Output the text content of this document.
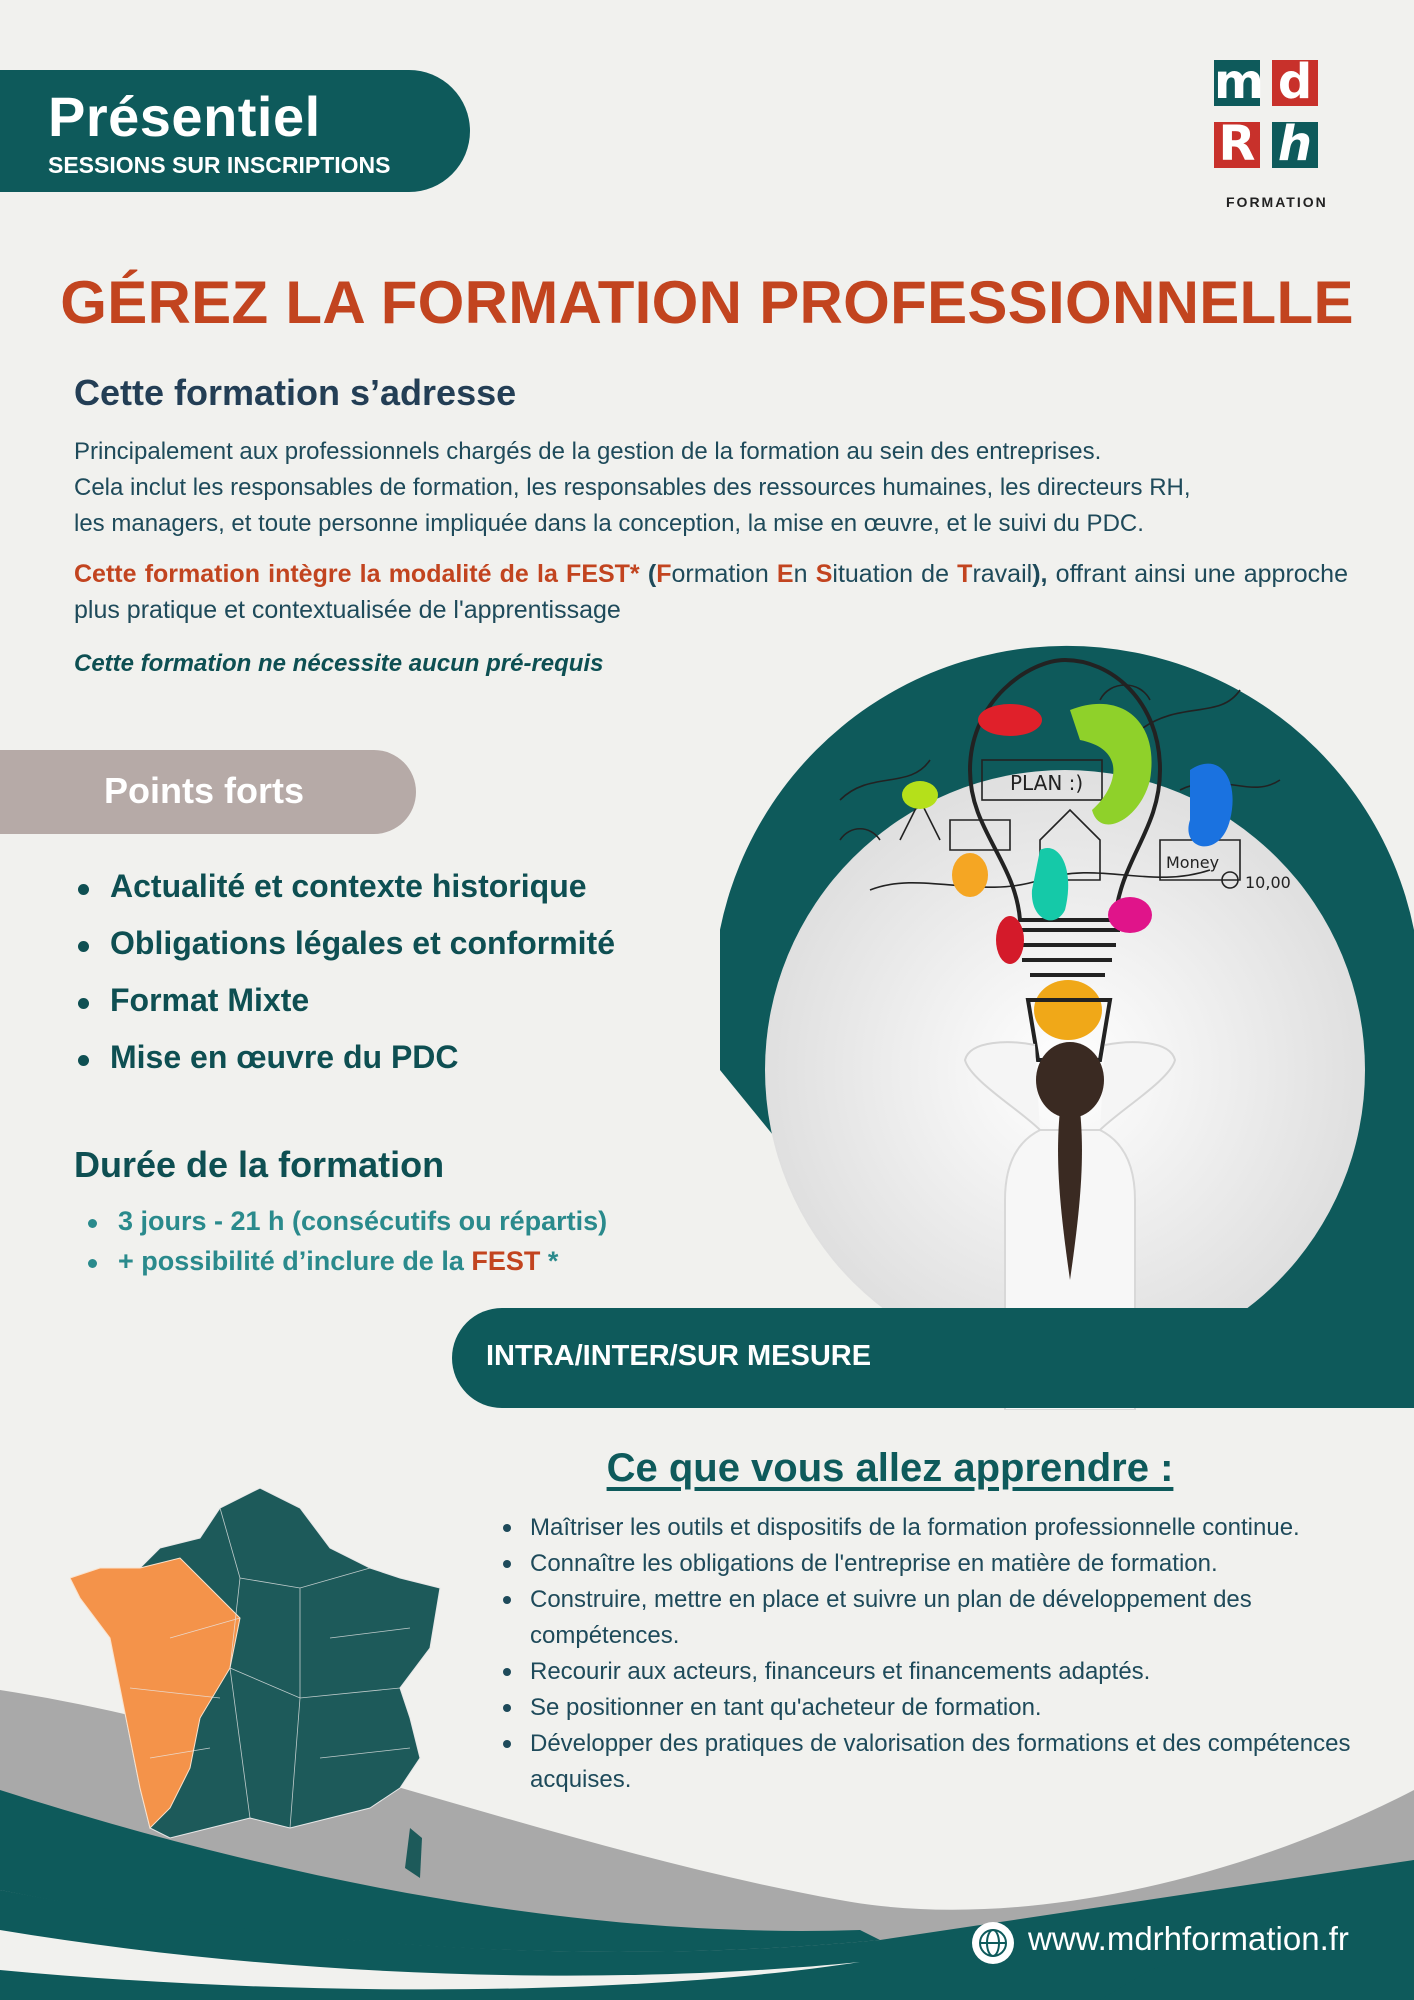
Présentiel
SESSIONS SUR INSCRIPTIONS
m d
R h
FORMATION
GÉREZ LA FORMATION PROFESSIONNELLE
Cette formation s’adresse
Principalement aux professionnels chargés de la gestion de la formation au sein des entreprises.
Cela inclut les responsables de formation, les responsables des ressources humaines, les directeurs RH,
les managers, et toute personne impliquée dans la conception, la mise en œuvre, et le suivi du PDC.
Cette formation intègre la modalité de la FEST* (Formation En Situation de Travail), offrant ainsi une approche plus pratique et contextualisée de l'apprentissage
Cette formation ne nécessite aucun pré-requis
PLAN :)
Money
10,00
Points forts
Actualité et contexte historique
Obligations légales et conformité
Format Mixte
Mise en œuvre du PDC
Durée de la formation
3 jours - 21 h (consécutifs ou répartis)
+ possibilité d’inclure de la FEST *
INTRA/INTER/SUR MESURE
Ce que vous allez apprendre :
Maîtriser les outils et dispositifs de la formation professionnelle continue.
Connaître les obligations de l'entreprise en matière de formation.
Construire, mettre en place et suivre un plan de développement des compétences.
Recourir aux acteurs, financeurs et financements adaptés.
Se positionner en tant qu'acheteur de formation.
Développer des pratiques de valorisation des formations et des compétences acquises.
www.mdrhformation.fr
